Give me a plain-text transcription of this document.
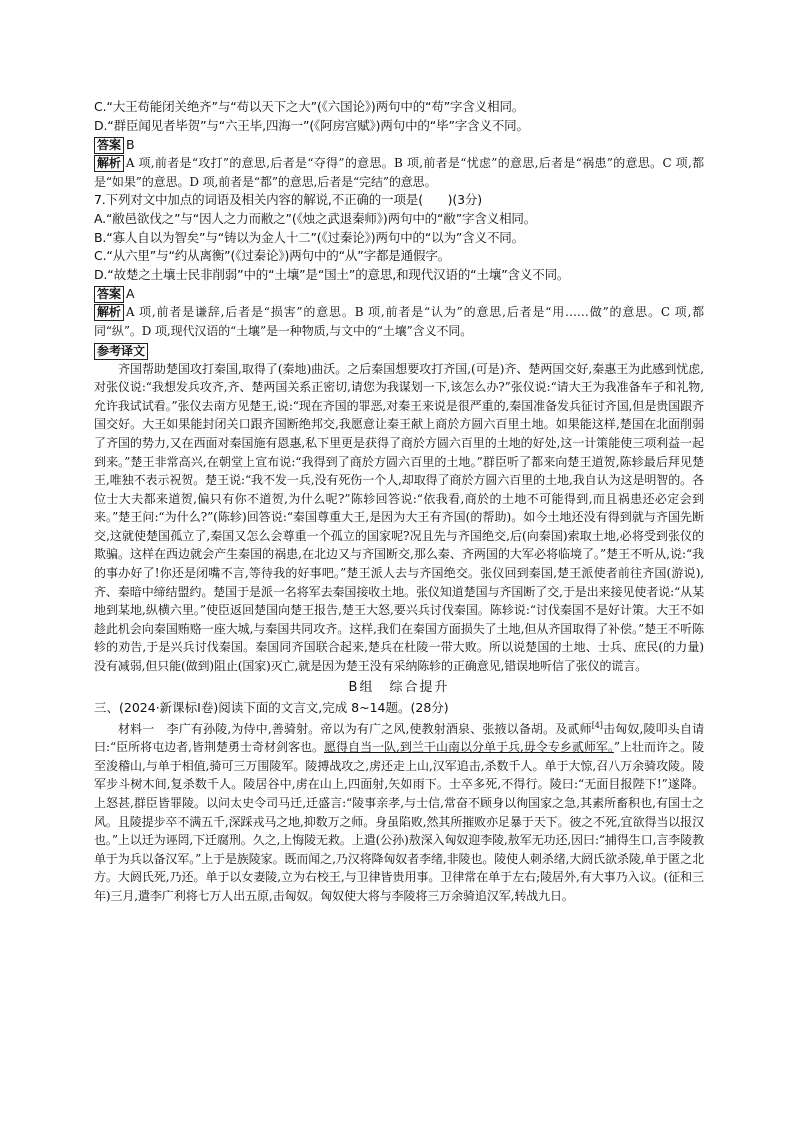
C.“大王苟能闭关绝齐”与“苟以天下之大”(《六国论》)两句中的“苟”字含义相同。
D.“群臣闻见者毕贺”与“六王毕,四海一”(《阿房宫赋》)两句中的“毕”字含义不同。
答案 B
解析 A 项,前者是“攻打”的意思,后者是“夺得”的意思。B 项,前者是“忧虑”的意思,后者是“祸患”的意思。C 项,都是“如果”的意思。D 项,前者是“都”的意思,后者是“完结”的意思。
7.下列对文中加点的词语及相关内容的解说,不正确的一项是(　　)(3分)
A.“敝邑欲伐之”与“因人之力而敝之”(《烛之武退秦师》)两句中的“敝”字含义相同。
B.“寡人自以为智矣”与“铸以为金人十二”(《过秦论》)两句中的“以为”含义不同。
C.“从六里”与“约从离衡”(《过秦论》)两句中的“从”字都是通假字。
D.“故楚之土壤士民非削弱”中的“土壤”是“国土”的意思,和现代汉语的“土壤”含义不同。
答案 A
解析 A 项,前者是谦辞,后者是“损害”的意思。B 项,前者是“认为”的意思,后者是“用……做”的意思。C 项,都同“纵”。D 项,现代汉语的“土壤”是一种物质,与文中的“土壤”含义不同。
参考译文
齐国帮助楚国攻打秦国,取得了(秦地)曲沃。之后秦国想要攻打齐国,(可是)齐、楚两国交好,秦惠王为此感到忧虑,对张仪说:“我想发兵攻齐,齐、楚两国关系正密切,请您为我谋划一下,该怎么办?”张仪说:“请大王为我准备车子和礼物,允许我试试看。”张仪去南方见楚王,说:“现在齐国的罪恶,对秦王来说是很严重的,秦国准备发兵征讨齐国,但是贵国跟齐国交好。大王如果能封闭关口跟齐国断绝邦交,我愿意让秦王献上商於方圆六百里土地。如果能这样,楚国在北面削弱了齐国的势力,又在西面对秦国施有恩惠,私下里更是获得了商於方圆六百里的土地的好处,这一计策能使三项利益一起到来。”楚王非常高兴,在朝堂上宣布说:“我得到了商於方圆六百里的土地。”群臣听了都来向楚王道贺,陈轸最后拜见楚王,唯独不表示祝贺。楚王说:“我不发一兵,没有死伤一个人,却取得了商於方圆六百里的土地,我自认为这是明智的。各位士大夫都来道贺,偏只有你不道贺,为什么呢?”陈轸回答说:“依我看,商於的土地不可能得到,而且祸患还必定会到来。”楚王问:“为什么?”(陈轸)回答说:“秦国尊重大王,是因为大王有齐国(的帮助)。如今土地还没有得到就与齐国先断交,这就使楚国孤立了,秦国又怎么会尊重一个孤立的国家呢?况且先与齐国绝交,后(向秦国)索取土地,必将受到张仪的欺骗。这样在西边就会产生秦国的祸患,在北边又与齐国断交,那么秦、齐两国的大军必将临境了。”楚王不听从,说:“我的事办好了!你还是闭嘴不言,等待我的好事吧。”楚王派人去与齐国绝交。张仪回到秦国,楚王派使者前往齐国(游说),齐、秦暗中缔结盟约。楚国于是派一名将军去秦国接收土地。张仪知道楚国与齐国断了交,于是出来接见使者说:“从某地到某地,纵横六里。”使臣返回楚国向楚王报告,楚王大怒,要兴兵讨伐秦国。陈轸说:“讨伐秦国不是好计策。大王不如趁此机会向秦国贿赂一座大城,与秦国共同攻齐。这样,我们在秦国方面损失了土地,但从齐国取得了补偿。”楚王不听陈轸的劝告,于是兴兵讨伐秦国。秦国同齐国联合起来,楚兵在杜陵一带大败。所以说楚国的土地、士兵、庶民(的力量)没有减弱,但只能(做到)阻止(国家)灭亡,就是因为楚王没有采纳陈轸的正确意见,错误地听信了张仪的谎言。
B组　综合提升
三、(2024·新课标Ⅰ卷)阅读下面的文言文,完成 8~14题。(28分)
材料一　 李广有孙陵,为侍中,善骑射。帝以为有广之风,使教射酒泉、张掖以备胡。及贰师[4]击匈奴,陵叩头自请曰:“臣所将屯边者,皆荆楚勇士奇材剑客也。愿得自当一队,到兰干山南以分单于兵,毋令专乡贰师军。”上壮而许之。陵至浚稽山,与单于相值,骑可三万围陵军。陵搏战攻之,虏还走上山,汉军追击,杀数千人。单于大惊,召八万余骑攻陵。陵军步斗树木间,复杀数千人。陵居谷中,虏在山上,四面射,矢如雨下。士卒多死,不得行。陵曰:“无面目报陛下!”遂降。上怒甚,群臣皆罪陵。以问太史令司马迁,迁盛言:“陵事亲孝,与士信,常奋不顾身以徇国家之急,其素所畜积也,有国士之风。且陵提步卒不满五千,深踩戎马之地,抑数万之师。身虽陷败,然其所摧败亦足暴于天下。彼之不死,宜欲得当以报汉也。”上以迁为诬罔,下迁腐刑。久之,上悔陵无救。上遣(公孙)敖深入匈奴迎李陵,敖军无功还,因曰:“捕得生口,言李陵教单于为兵以备汉军。”上于是族陵家。既而闻之,乃汉将降匈奴者李绪,非陵也。陵使人刺杀绪,大阏氏欲杀陵,单于匿之北方。大阏氏死,乃还。单于以女妻陵,立为右校王,与卫律皆贵用事。卫律常在单于左右;陵居外,有大事乃入议。(征和三年)三月,遣李广利将七万人出五原,击匈奴。匈奴使大将与李陵将三万余骑追汉军,转战九日。
